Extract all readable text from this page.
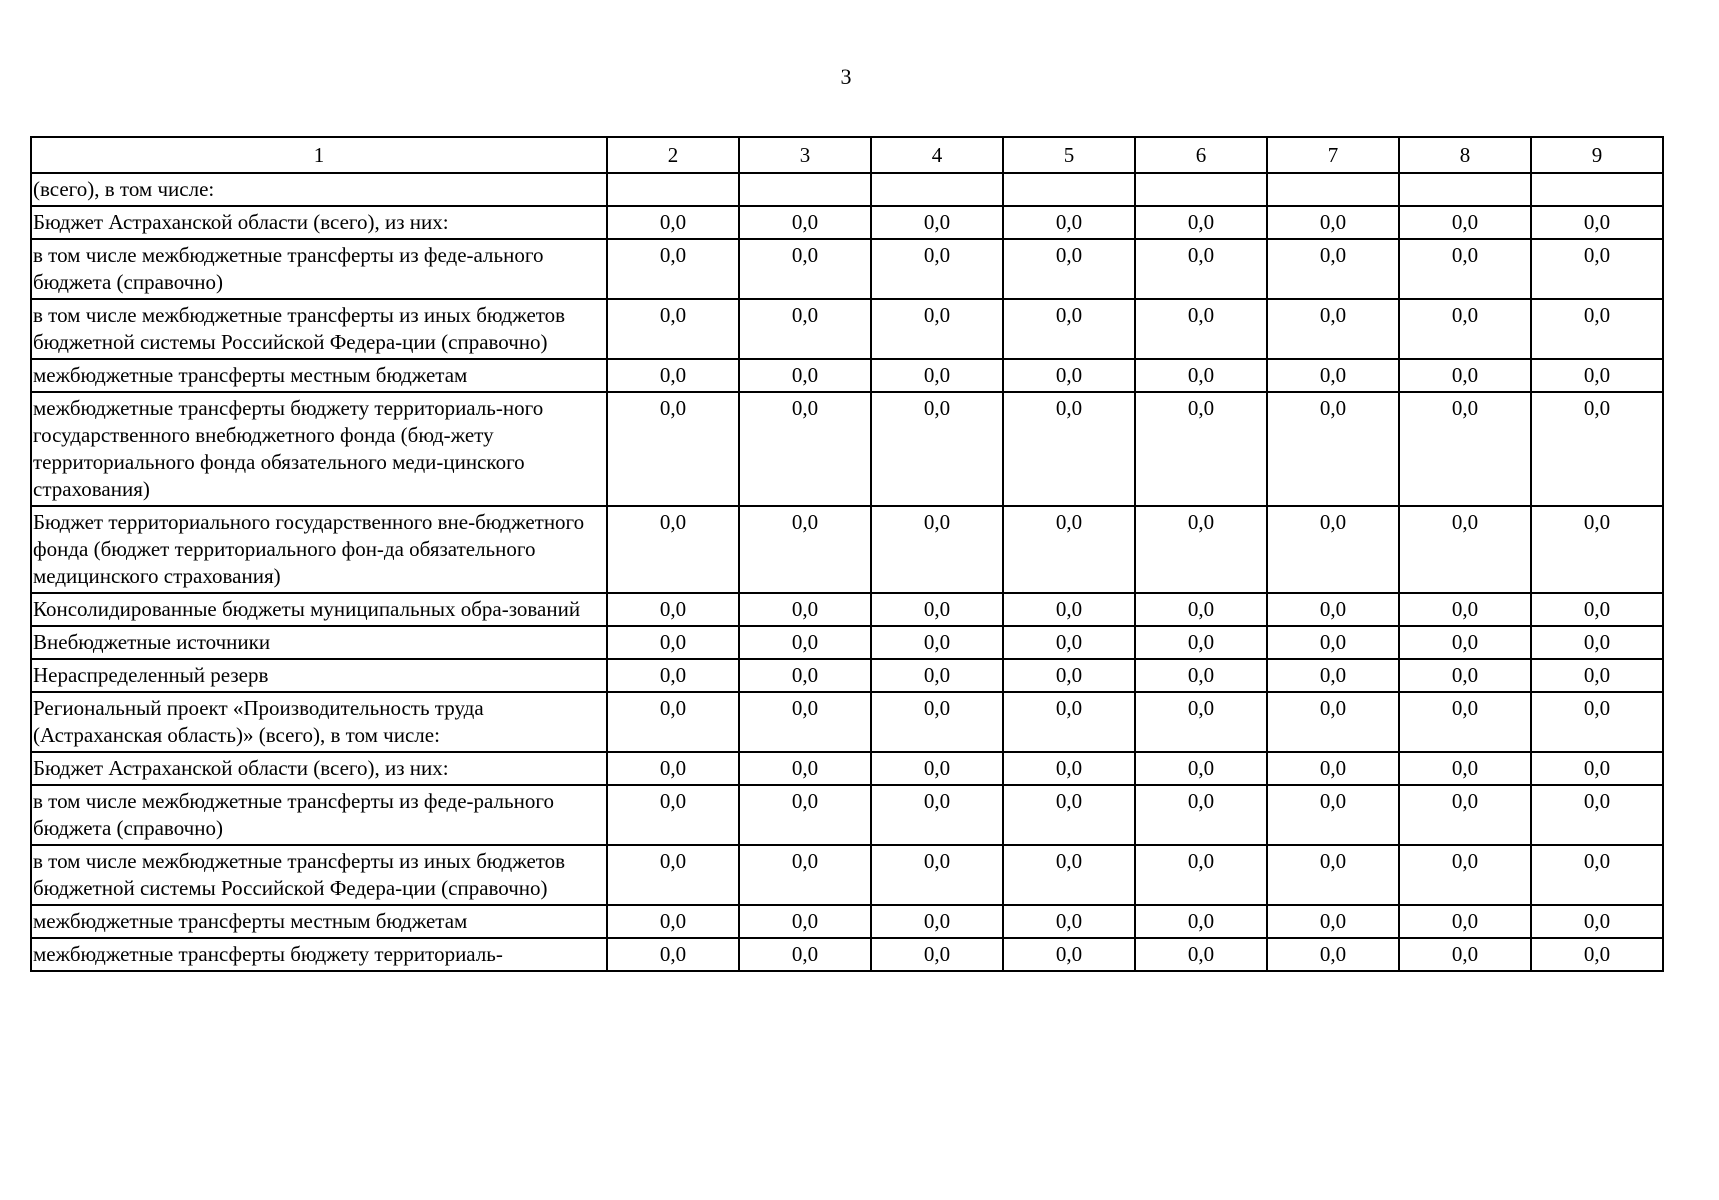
3
1	2	3	4	5	6	7	8	9
(всего), в том числе:								
Бюджет Астраханской области (всего), из них:	0,0	0,0	0,0	0,0	0,0	0,0	0,0	0,0
в том числе межбюджетные трансферты из феде-ального бюджета (справочно)	0,0	0,0	0,0	0,0	0,0	0,0	0,0	0,0
в том числе межбюджетные трансферты из иных бюджетов бюджетной системы Российской Федера-ции (справочно)	0,0	0,0	0,0	0,0	0,0	0,0	0,0	0,0
межбюджетные трансферты местным бюджетам	0,0	0,0	0,0	0,0	0,0	0,0	0,0	0,0
межбюджетные трансферты бюджету территориаль-ного государственного внебюджетного фонда (бюд-жету территориального фонда обязательного меди-цинского страхования)	0,0	0,0	0,0	0,0	0,0	0,0	0,0	0,0
Бюджет территориального государственного вне-бюджетного фонда (бюджет территориального фон-да обязательного медицинского страхования)	0,0	0,0	0,0	0,0	0,0	0,0	0,0	0,0
Консолидированные бюджеты муниципальных обра-зований	0,0	0,0	0,0	0,0	0,0	0,0	0,0	0,0
Внебюджетные источники	0,0	0,0	0,0	0,0	0,0	0,0	0,0	0,0
Нераспределенный резерв	0,0	0,0	0,0	0,0	0,0	0,0	0,0	0,0
Региональный проект «Производительность труда (Астраханская область)» (всего), в том числе:	0,0	0,0	0,0	0,0	0,0	0,0	0,0	0,0
Бюджет Астраханской области (всего), из них:	0,0	0,0	0,0	0,0	0,0	0,0	0,0	0,0
в том числе межбюджетные трансферты из феде-рального бюджета (справочно)	0,0	0,0	0,0	0,0	0,0	0,0	0,0	0,0
в том числе межбюджетные трансферты из иных бюджетов бюджетной системы Российской Федера-ции (справочно)	0,0	0,0	0,0	0,0	0,0	0,0	0,0	0,0
межбюджетные трансферты местным бюджетам	0,0	0,0	0,0	0,0	0,0	0,0	0,0	0,0
межбюджетные трансферты бюджету территориаль-	0,0	0,0	0,0	0,0	0,0	0,0	0,0	0,0
